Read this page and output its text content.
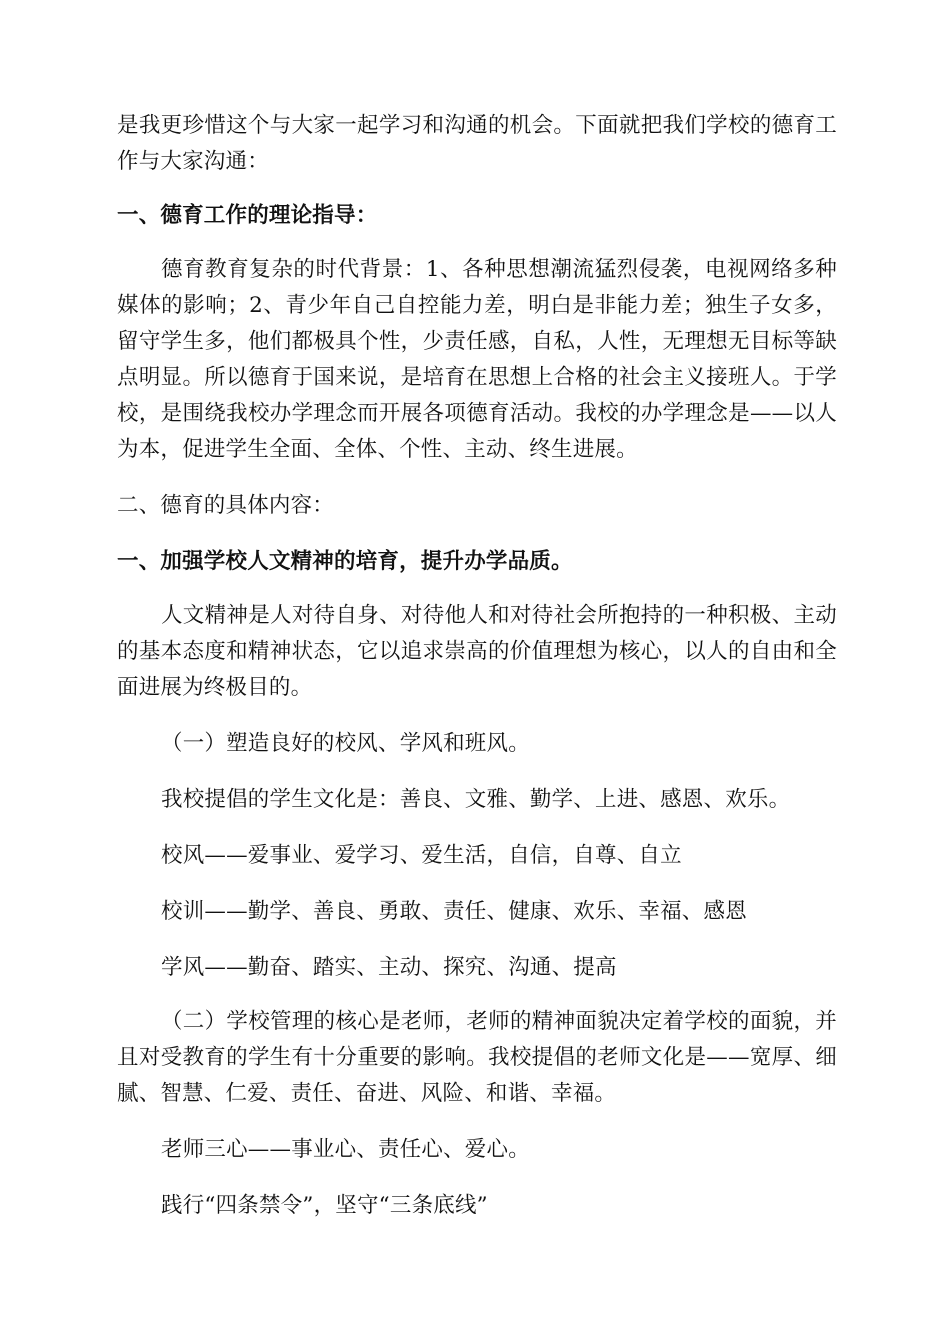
是我更珍惜这个与大家一起学习和沟通的机会。下面就把我们学校的德育工作与大家沟通：

一、德育工作的理论指导：

德育教育复杂的时代背景：1、各种思想潮流猛烈侵袭，电视网络多种媒体的影响；2、青少年自己自控能力差，明白是非能力差；独生子女多，留守学生多，他们都极具个性，少责任感，自私，人性，无理想无目标等缺点明显。所以德育于国来说，是培育在思想上合格的社会主义接班人。于学校，是围绕我校办学理念而开展各项德育活动。我校的办学理念是——以人为本，促进学生全面、全体、个性、主动、终生进展。

二、德育的具体内容：

一、加强学校人文精神的培育，提升办学品质。

人文精神是人对待自身、对待他人和对待社会所抱持的一种积极、主动的基本态度和精神状态，它以追求崇高的价值理想为核心，以人的自由和全面进展为终极目的。

（一）塑造良好的校风、学风和班风。

我校提倡的学生文化是：善良、文雅、勤学、上进、感恩、欢乐。

校风——爱事业、爱学习、爱生活，自信，自尊、自立

校训——勤学、善良、勇敢、责任、健康、欢乐、幸福、感恩

学风——勤奋、踏实、主动、探究、沟通、提高

（二）学校管理的核心是老师，老师的精神面貌决定着学校的面貌，并且对受教育的学生有十分重要的影响。我校提倡的老师文化是——宽厚、细腻、智慧、仁爱、责任、奋进、风险、和谐、幸福。

老师三心——事业心、责任心、爱心。

践行“四条禁令”，坚守“三条底线”
